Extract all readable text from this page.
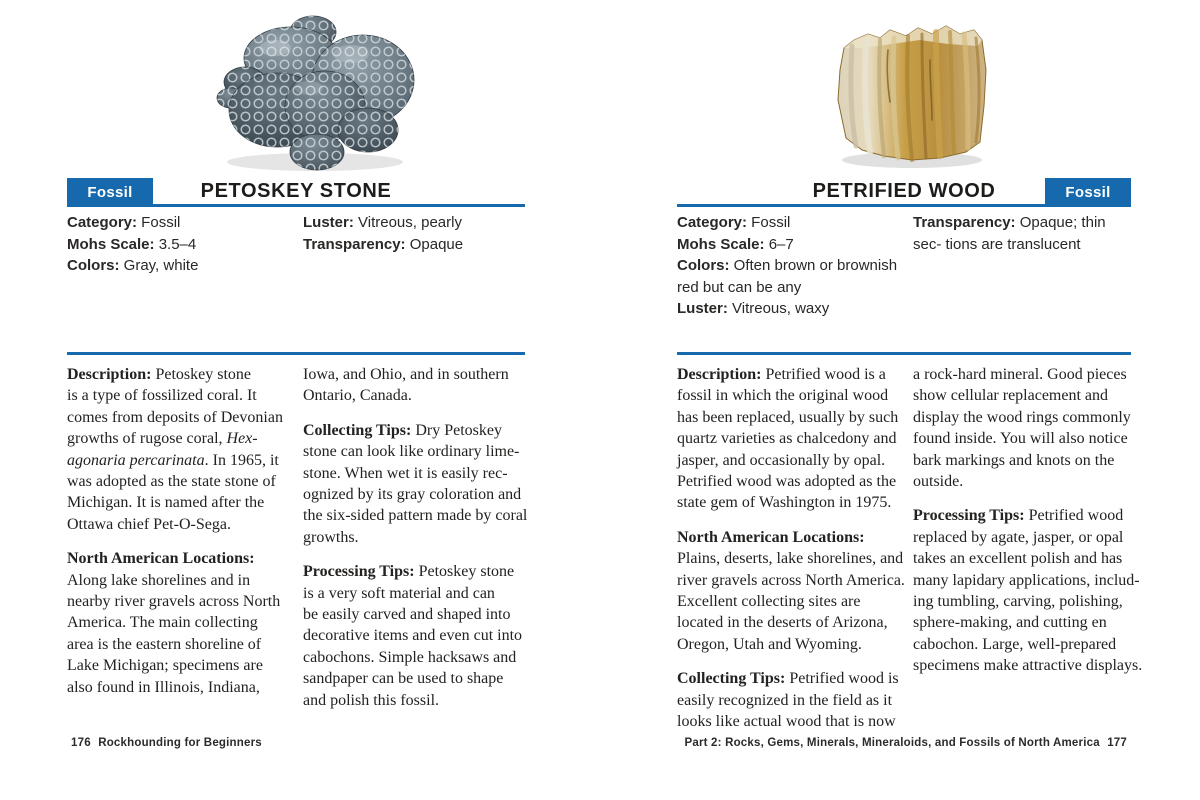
Fossil	PETOSKEY STONE
Category: Fossil
Mohs Scale: 3.5–4
Colors: Gray, white
Luster: Vitreous, pearly
Transparency: Opaque
Description: Petoskey stone
is a type of fossilized coral. It
comes from deposits of Devonian
growths of rugose coral, Hex-
agonaria percarinata. In 1965, it
was adopted as the state stone of
Michigan. It is named after the
Ottawa chief Pet-O-Sega.
North American Locations:
Along lake shorelines and in
nearby river gravels across North
America. The main collecting
area is the eastern shoreline of
Lake Michigan; specimens are
also found in Illinois, Indiana,
Iowa, and Ohio, and in southern
Ontario, Canada.
Collecting Tips: Dry Petoskey
stone can look like ordinary lime-
stone. When wet it is easily rec-
ognized by its gray coloration and
the six-sided pattern made by coral
growths.
Processing Tips: Petoskey stone
is a very soft material and can
be easily carved and shaped into
decorative items and even cut into
cabochons. Simple hacksaws and
sandpaper can be used to shape
and polish this fossil.
176 Rockhounding for Beginners
Fossil
PETRIFIED WOOD
Category: Fossil
Mohs Scale: 6–7
Colors: Often brown or brownish red but can be any
Luster: Vitreous, waxy
Transparency: Opaque; thin sec- tions are translucent
Description: Petrified wood is a
fossil in which the original wood
has been replaced, usually by such
quartz varieties as chalcedony and
jasper, and occasionally by opal.
Petrified wood was adopted as the
state gem of Washington in 1975.
North American Locations:
Plains, deserts, lake shorelines, and
river gravels across North America.
Excellent collecting sites are
located in the deserts of Arizona,
Oregon, Utah and Wyoming.
Collecting Tips: Petrified wood is
easily recognized in the field as it
looks like actual wood that is now
a rock-hard mineral. Good pieces
show cellular replacement and
display the wood rings commonly
found inside. You will also notice
bark markings and knots on the
outside.
Processing Tips: Petrified wood
replaced by agate, jasper, or opal
takes an excellent polish and has
many lapidary applications, includ-
ing tumbling, carving, polishing,
sphere-making, and cutting en
cabochon. Large, well-prepared
specimens make attractive displays.
Part 2: Rocks, Gems, Minerals, Mineraloids, and Fossils of North America 177
